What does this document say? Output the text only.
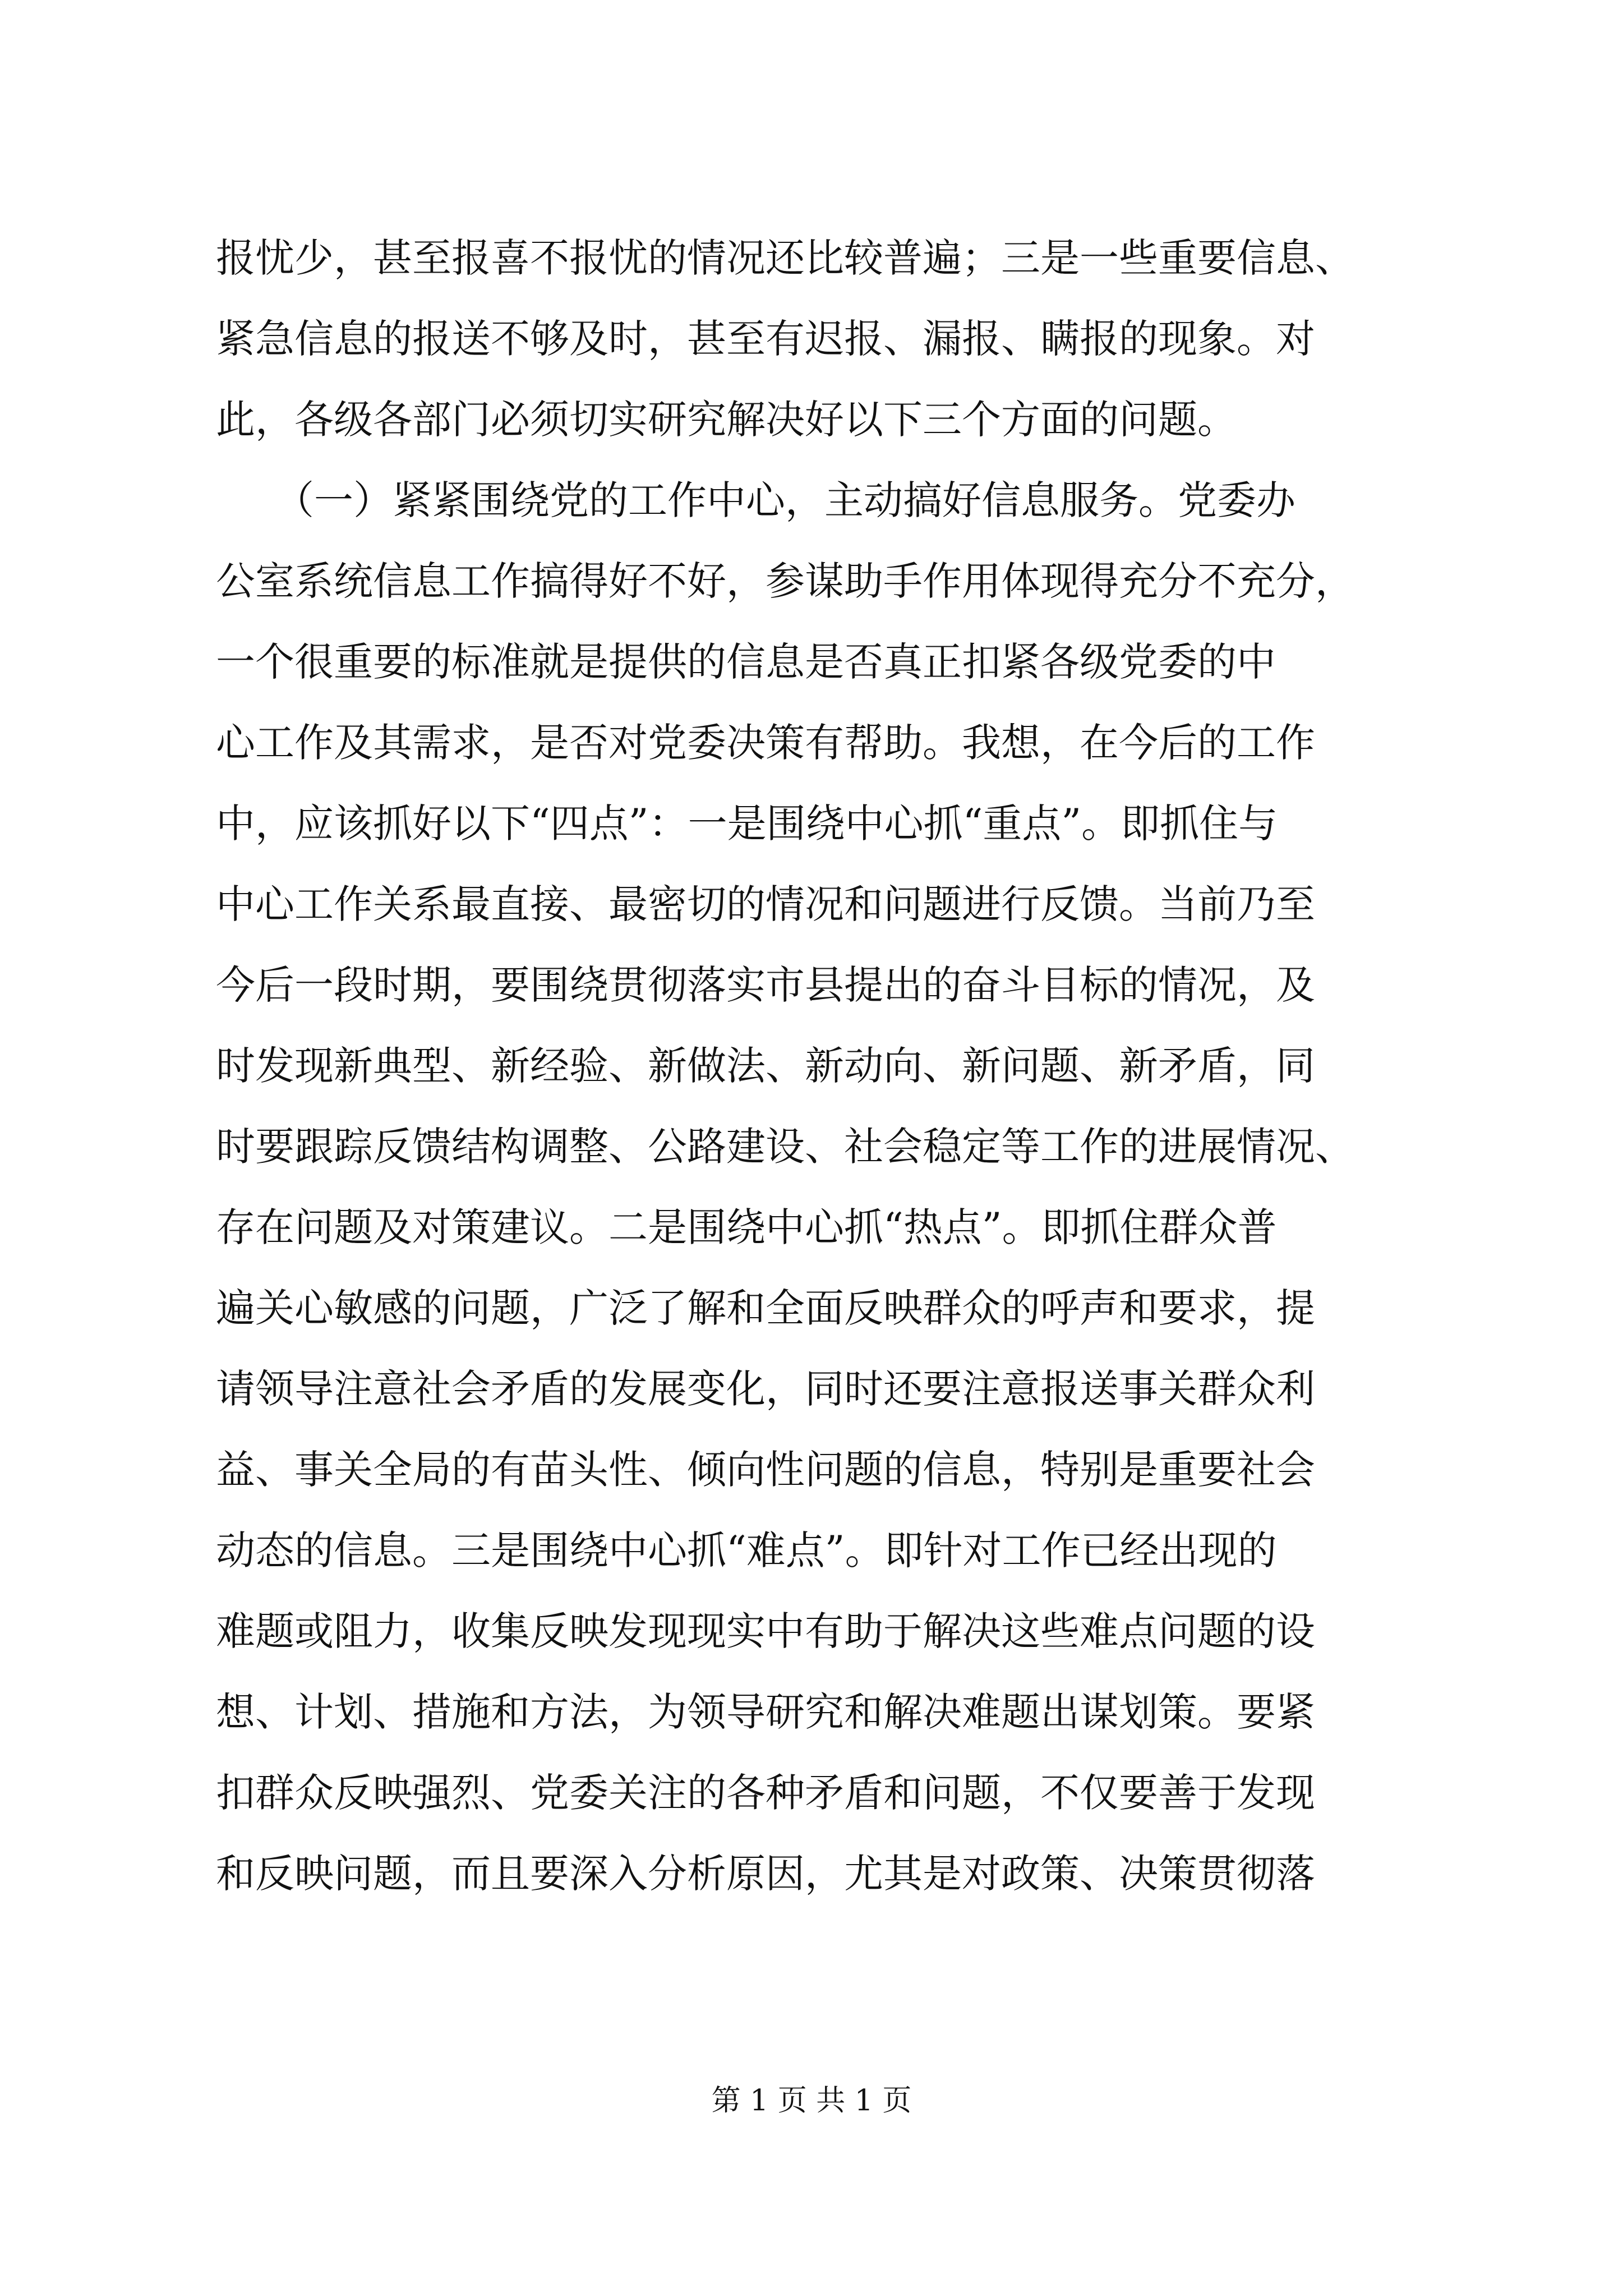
报忧少，甚至报喜不报忧的情况还比较普遍；三是一些重要信息、
紧急信息的报送不够及时，甚至有迟报、漏报、瞒报的现象。对
此，各级各部门必须切实研究解决好以下三个方面的问题。
　　（一）紧紧围绕党的工作中心，主动搞好信息服务。党委办
公室系统信息工作搞得好不好，参谋助手作用体现得充分不充分，
一个很重要的标准就是提供的信息是否真正扣紧各级党委的中
心工作及其需求，是否对党委决策有帮助。我想，在今后的工作
中，应该抓好以下“四点”：一是围绕中心抓“重点”。即抓住与
中心工作关系最直接、最密切的情况和问题进行反馈。当前乃至
今后一段时期，要围绕贯彻落实市县提出的奋斗目标的情况，及
时发现新典型、新经验、新做法、新动向、新问题、新矛盾，同
时要跟踪反馈结构调整、公路建设、社会稳定等工作的进展情况、
存在问题及对策建议。二是围绕中心抓“热点”。即抓住群众普
遍关心敏感的问题，广泛了解和全面反映群众的呼声和要求，提
请领导注意社会矛盾的发展变化，同时还要注意报送事关群众利
益、事关全局的有苗头性、倾向性问题的信息，特别是重要社会
动态的信息。三是围绕中心抓“难点”。即针对工作已经出现的
难题或阻力，收集反映发现现实中有助于解决这些难点问题的设
想、计划、措施和方法，为领导研究和解决难题出谋划策。要紧
扣群众反映强烈、党委关注的各种矛盾和问题，不仅要善于发现
和反映问题，而且要深入分析原因，尤其是对政策、决策贯彻落
第 1 页 共 1 页
